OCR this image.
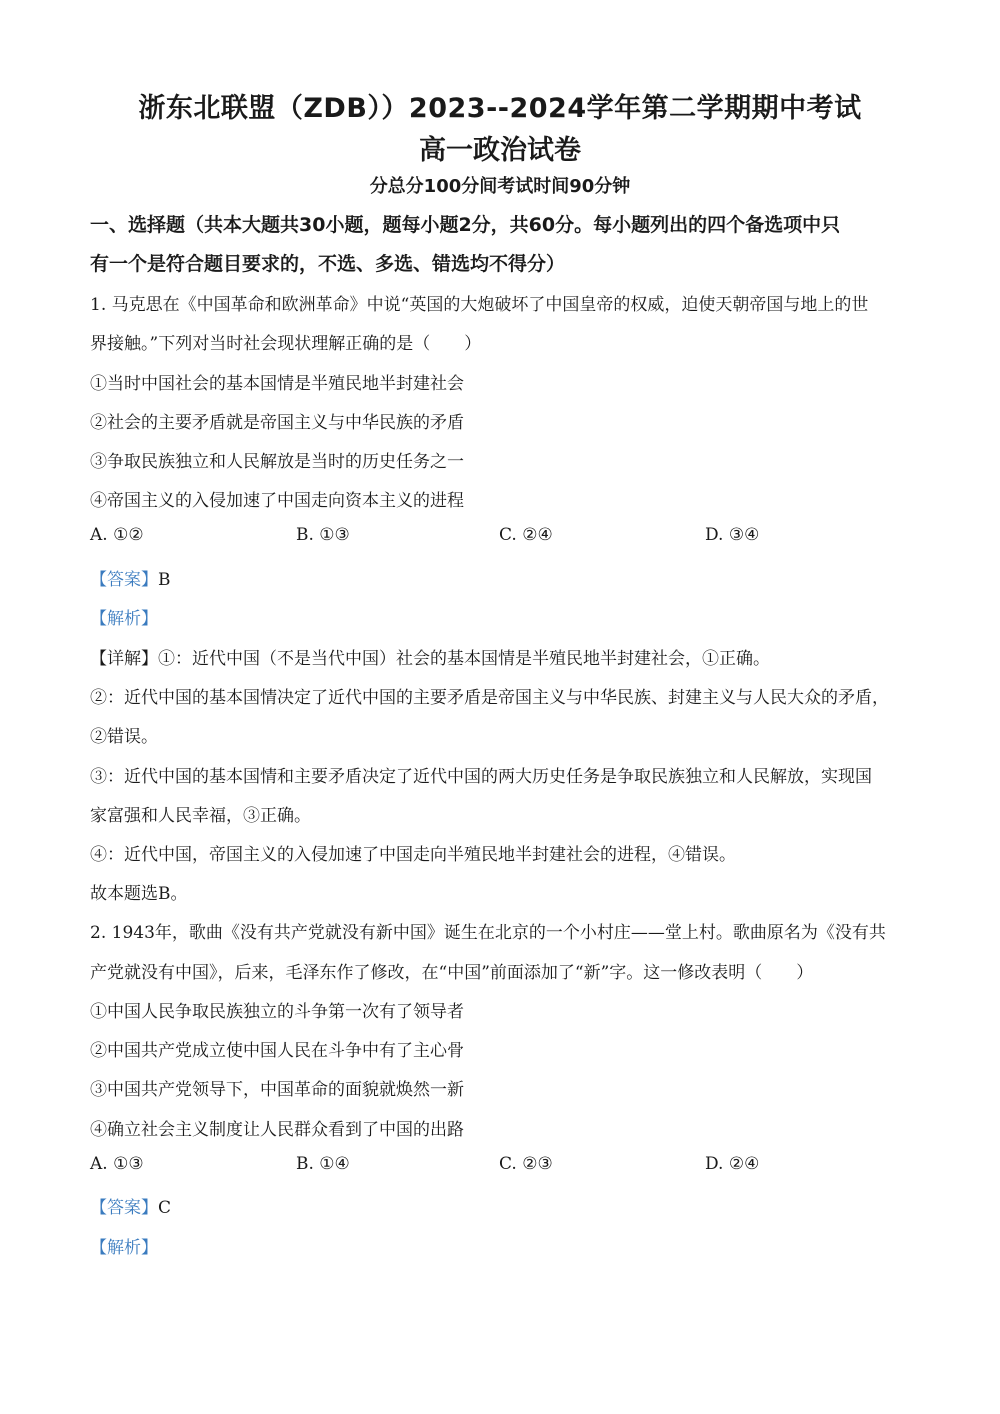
浙东北联盟（ZDB））2023--2024学年第二学期期中考试
高一政治试卷
分总分100分间考试时间90分钟
一、选择题（共本大题共30小题，题每小题2分，共60分。每小题列出的四个备选项中只
有一个是符合题目要求的，不选、多选、错选均不得分）
1. 马克思在《中国革命和欧洲革命》中说“英国的大炮破坏了中国皇帝的权威，迫使天朝帝国与地上的世
界接触。”下列对当时社会现状理解正确的是（　　）
①当时中国社会的基本国情是半殖民地半封建社会
②社会的主要矛盾就是帝国主义与中华民族的矛盾
③争取民族独立和人民解放是当时的历史任务之一
④帝国主义的入侵加速了中国走向资本主义的进程
A. ①②	B. ①③	C. ②④	D. ③④
【答案】B
【解析】
【详解】①：近代中国（不是当代中国）社会的基本国情是半殖民地半封建社会，①正确。
②：近代中国的基本国情决定了近代中国的主要矛盾是帝国主义与中华民族、封建主义与人民大众的矛盾，
②错误。
③：近代中国的基本国情和主要矛盾决定了近代中国的两大历史任务是争取民族独立和人民解放，实现国
家富强和人民幸福，③正确。
④：近代中国，帝国主义的入侵加速了中国走向半殖民地半封建社会的进程，④错误。
故本题选B。
2. 1943年，歌曲《没有共产党就没有新中国》诞生在北京的一个小村庄——堂上村。歌曲原名为《没有共
产党就没有中国》，后来，毛泽东作了修改，在“中国”前面添加了“新”字。这一修改表明（　　）
①中国人民争取民族独立的斗争第一次有了领导者
②中国共产党成立使中国人民在斗争中有了主心骨
③中国共产党领导下，中国革命的面貌就焕然一新
④确立社会主义制度让人民群众看到了中国的出路
A. ①③	B. ①④	C. ②③	D. ②④
【答案】C
【解析】
